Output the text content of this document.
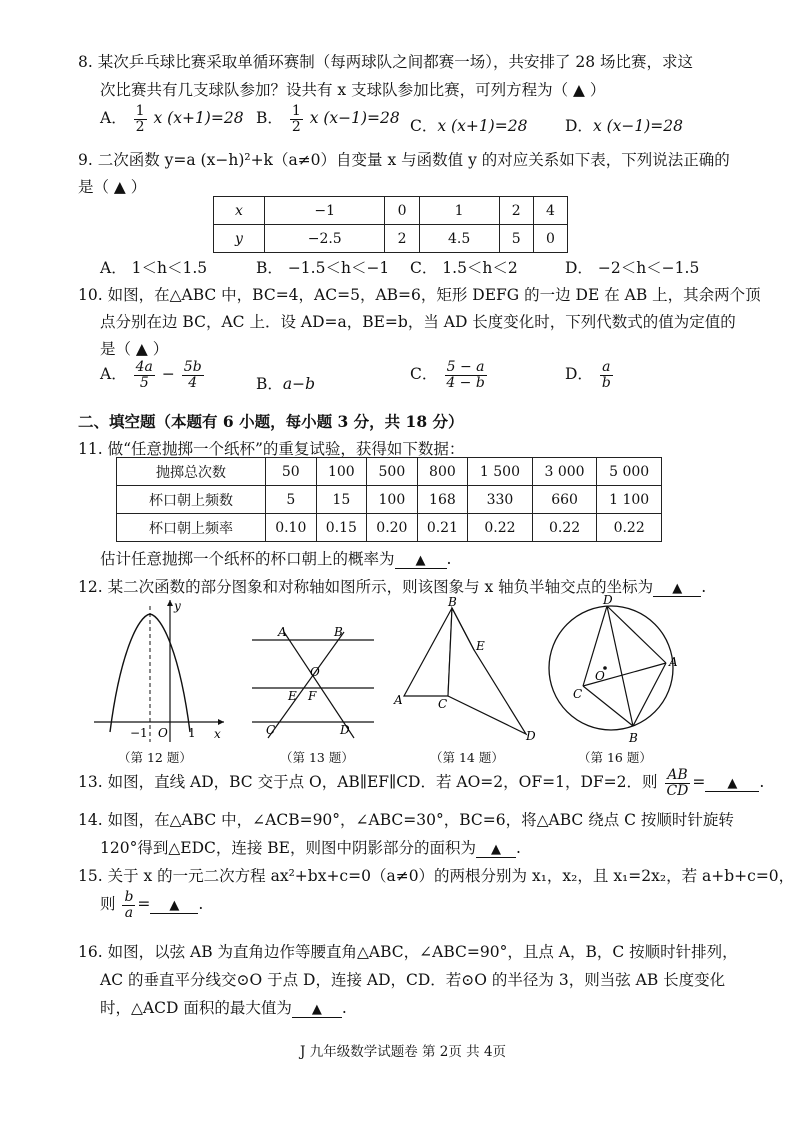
8. 某次乒乓球比赛采取单循环赛制（每两球队之间都赛一场），共安排了 28 场比赛，求这
次比赛共有几支球队参加？设共有 x 支球队参加比赛，可列方程为（ ▲ ）
A． $\frac{1}{2}$ x (x+1)=28 B． $\frac{1}{2}$ x (x−1)=28 C．x (x+1)=28 D．x (x−1)=28
9. 二次函数 y=a (x−h)²+k（a≠0）自变量 x 与函数值 y 的对应关系如下表，下列说法正确的
是（ ▲ ）
x	−1	0	1	2	4
y	−2.5	2	4.5	5	0
A． 1＜h＜1.5	B． −1.5＜h＜−1 C． 1.5＜h＜2	D． −2＜h＜−1.5
10. 如图，在△ABC 中，BC=4，AC=5，AB=6，矩形 DEFG 的一边 DE 在 AB 上，其余两个顶
点分别在边 BC，AC 上．设 AD=a，BE=b，当 AD 长度变化时，下列代数式的值为定值的
是（ ▲ ）
A． $\frac{4a}{5} - \frac{5b}{4}$	B．a−b
C． $\frac{5 - a}{4 - b}$	D． $\frac{a}{b}$
二、填空题（本题有 6 小题，每小题 3 分，共 18 分）
11. 做“任意抛掷一个纸杯”的重复试验，获得如下数据：
抛掷总次数	50	100	500	800	1 500	3 000	5 000
杯口朝上频数	5	15	100	168	330	660	1 100
杯口朝上频率	0.10	0.15	0.20	0.21	0.22	0.22	0.22
估计任意抛掷一个纸杯的杯口朝上的概率为 ▲ .
12. 某二次函数的部分图象和对称轴如图所示，则该图象与 x 轴负半轴交点的坐标为 ▲ .
y
x
O
−1	1
A	B
O
E F
C	D
B
E
A	C
D
D
A
B
C
O
（第 12 题）	（第 13 题）	（第 14 题）	（第 16 题）
13. 如图，直线 AD，BC 交于点 O，AB∥EF∥CD．若 AO=2，OF=1，DF=2．则 $\frac{AB}{CD}$ = ▲ .
14. 如图，在△ABC 中，∠ACB=90°，∠ABC=30°，BC=6，将△ABC 绕点 C 按顺时针旋转
120°得到△EDC，连接 BE，则图中阴影部分的面积为 ▲ .
15. 关于 x 的一元二次方程 ax²+bx+c=0（a≠0）的两根分别为 x₁，x₂，且 x₁=2x₂，若 a+b+c=0，
则 $\frac{b}{a}$ = ▲ .
16. 如图，以弦 AB 为直角边作等腰直角△ABC，∠ABC=90°，且点 A，B，C 按顺时针排列，
AC 的垂直平分线交⊙O 于点 D，连接 AD，CD．若⊙O 的半径为 3，则当弦 AB 长度变化
时，△ACD 面积的最大值为 ▲ .
J 九年级数学试题卷 第 2页 共 4页
